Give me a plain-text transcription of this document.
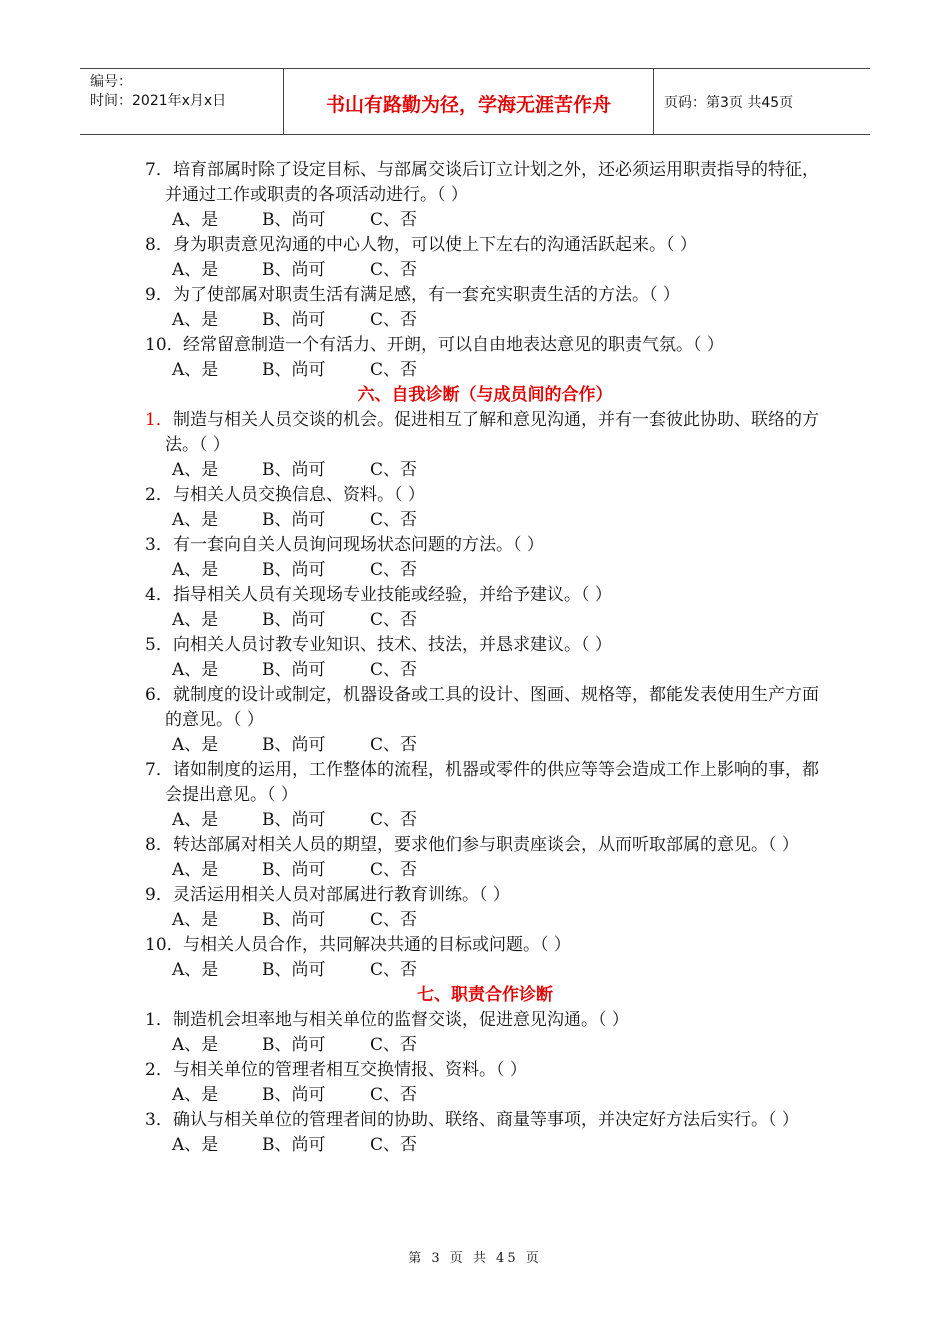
编号：
时间：2021年x月x日	书山有路勤为径，学海无涯苦作舟	页码：第3页 共45页
7． 培育部属时除了设定目标、与部属交谈后订立计划之外，还必须运用职责指导的特征，并通过工作或职责的各项活动进行。（ ）
A、是	B、尚可	C、否
8． 身为职责意见沟通的中心人物，可以使上下左右的沟通活跃起来。（ ）
A、是	B、尚可	C、否
9． 为了使部属对职责生活有满足感，有一套充实职责生活的方法。（ ）
A、是	B、尚可	C、否
10． 经常留意制造一个有活力、开朗，可以自由地表达意见的职责气氛。（ ）
A、是	B、尚可	C、否
六、自我诊断（与成员间的合作）
1． 制造与相关人员交谈的机会。促进相互了解和意见沟通，并有一套彼此协助、联络的方法。（ ）
A、是	B、尚可	C、否
2． 与相关人员交换信息、资料。（ ）
A、是	B、尚可	C、否
3． 有一套向自关人员询问现场状态问题的方法。（ ）
A、是	B、尚可	C、否
4． 指导相关人员有关现场专业技能或经验，并给予建议。（ ）
A、是	B、尚可	C、否
5． 向相关人员讨教专业知识、技术、技法，并恳求建议。（ ）
A、是	B、尚可	C、否
6． 就制度的设计或制定，机器设备或工具的设计、图画、规格等，都能发表使用生产方面的意见。（ ）
A、是	B、尚可	C、否
7． 诸如制度的运用，工作整体的流程，机器或零件的供应等等会造成工作上影响的事，都会提出意见。（ ）
A、是	B、尚可	C、否
8． 转达部属对相关人员的期望，要求他们参与职责座谈会，从而听取部属的意见。（ ）
A、是	B、尚可	C、否
9． 灵活运用相关人员对部属进行教育训练。（ ）
A、是	B、尚可	C、否
10． 与相关人员合作，共同解决共通的目标或问题。（ ）
A、是	B、尚可	C、否
七、职责合作诊断
1． 制造机会坦率地与相关单位的监督交谈，促进意见沟通。（ ）
A、是	B、尚可	C、否
2． 与相关单位的管理者相互交换情报、资料。（ ）
A、是	B、尚可	C、否
3． 确认与相关单位的管理者间的协助、联络、商量等事项，并决定好方法后实行。（ ）
A、是	B、尚可	C、否
第 3 页 共 45 页
